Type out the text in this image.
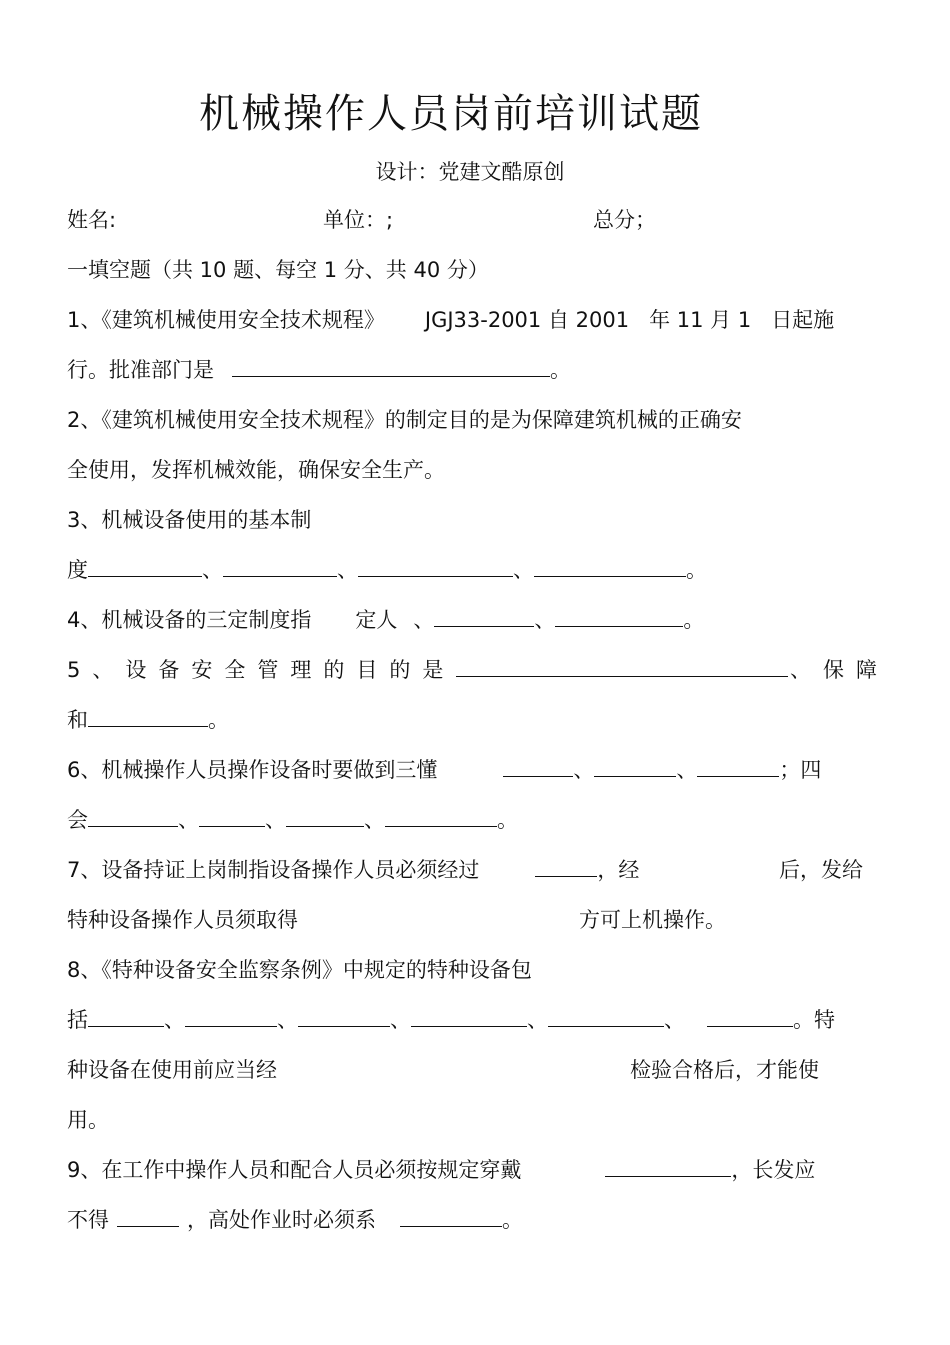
机械操作人员岗前培训试题
设计：党建文酷原创
姓名:	单位：;	总分；
一填空题（共 10 题、每空 1 分、共 40 分）
1、《建筑机械使用安全技术规程》 JGJ33-2001 自 2001 年 11 月 1 日起施
行。批准部门是	。
2、《建筑机械使用安全技术规程》的制定目的是为保障建筑机械的正确安
全使用，发挥机械效能，确保安全生产。
3、机械设备使用的基本制
度	、	、	、	。
4、机械设备的三定制度指 定人 、	、	。
5、设备安全管理的目的是	、保障
和	。
6、机械操作人员操作设备时要做到三懂	、	、	；四
会	、	、	、	。
7、设备持证上岗制指设备操作人员必须经过	，经	后，发给
特种设备操作人员须取得	方可上机操作。
8、《特种设备安全监察条例》中规定的特种设备包
括	、	、	、	、	、	。特
种设备在使用前应当经	检验合格后，才能使
用。
9、在工作中操作人员和配合人员必须按规定穿戴	，长发应
不得	，高处作业时必须系	。
